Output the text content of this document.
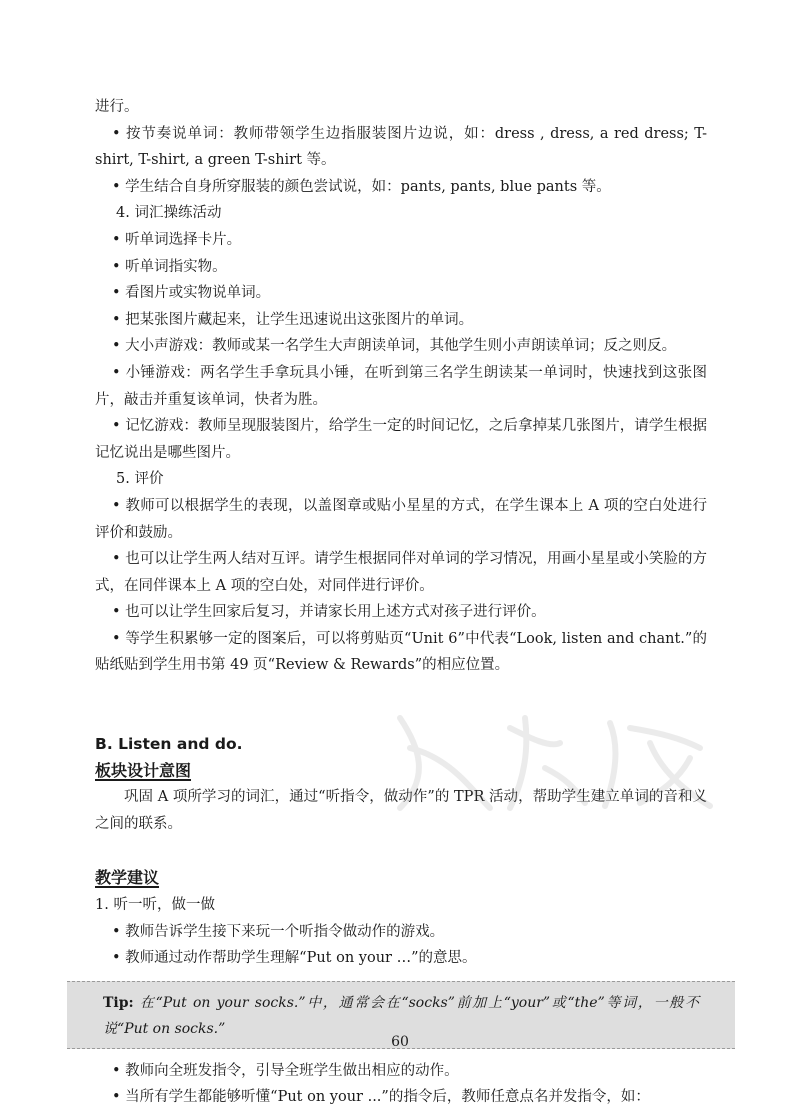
进行。
• 按节奏说单词：教师带领学生边指服装图片边说，如：dress , dress, a red dress; T-shirt, T-shirt, a green T-shirt 等。
• 学生结合自身所穿服装的颜色尝试说，如：pants, pants, blue pants 等。
4. 词汇操练活动
• 听单词选择卡片。
• 听单词指实物。
• 看图片或实物说单词。
• 把某张图片藏起来，让学生迅速说出这张图片的单词。
• 大小声游戏：教师或某一名学生大声朗读单词，其他学生则小声朗读单词；反之则反。
• 小锤游戏：两名学生手拿玩具小锤，在听到第三名学生朗读某一单词时，快速找到这张图片，敲击并重复该单词，快者为胜。
• 记忆游戏：教师呈现服装图片，给学生一定的时间记忆，之后拿掉某几张图片，请学生根据记忆说出是哪些图片。
5. 评价
• 教师可以根据学生的表现，以盖图章或贴小星星的方式，在学生课本上 A 项的空白处进行评价和鼓励。
• 也可以让学生两人结对互评。请学生根据同伴对单词的学习情况，用画小星星或小笑脸的方式，在同伴课本上 A 项的空白处，对同伴进行评价。
• 也可以让学生回家后复习，并请家长用上述方式对孩子进行评价。
• 等学生积累够一定的图案后，可以将剪贴页“Unit 6”中代表“Look, listen and chant.”的贴纸贴到学生用书第 49 页“Review & Rewards”的相应位置。
B. Listen and do.
板块设计意图
巩固 A 项所学习的词汇，通过“听指令，做动作”的 TPR 活动，帮助学生建立单词的音和义之间的联系。
教学建议
1. 听一听，做一做
• 教师告诉学生接下来玩一个听指令做动作的游戏。
• 教师通过动作帮助学生理解“Put on your …”的意思。
Tip: 在“Put on your socks.”中，通常会在“socks”前加上“your”或“the”等词，一般不说“Put on socks.”
• 教师向全班发指令，引导全班学生做出相应的动作。
• 当所有学生都能够听懂“Put on your ...”的指令后，教师任意点名并发指令，如：
60
